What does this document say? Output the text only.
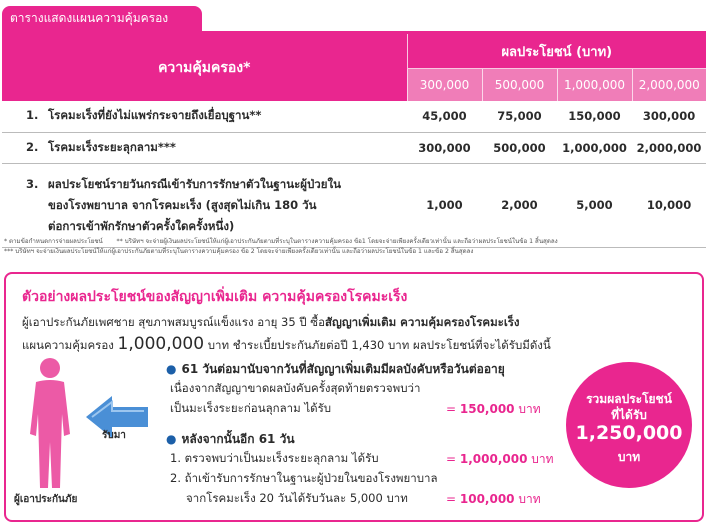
ตารางแสดงแผนความคุ้มครอง
ความคุ้มครอง*	ผลประโยชน์ (บาท)			
	300,000	500,000	1,000,000	2,000,000
1. โรคมะเร็งที่ยังไม่แพร่กระจายถึงเยื่อบุฐาน**	45,000	75,000	150,000	300,000
2. โรคมะเร็งระยะลุกลาม***	300,000	500,000	1,000,000	2,000,000

3. ผลประโยชน์รายวันกรณีเข้ารับการรักษาตัวในฐานะผู้ป่วยใน
ของโรงพยาบาล จากโรคมะเร็ง (สูงสุดไม่เกิน 180 วัน
ต่อการเข้าพักรักษาตัวครั้งใดครั้งหนึ่ง)	1,000	2,000	5,000	10,000
* ตามข้อกำหนดการจ่ายผลประโยชน์ ** บริษัทฯ จะจ่ายผู้เงินผลประโยชน์ให้แก่ผู้เอาประกันภัยตามที่ระบุในตารางความคุ้มครอง ข้อ1 โดยจะจ่ายเพียงครั้งเดียวเท่านั้น และถือว่าผลประโยชน์ในข้อ 1 สิ้นสุดลง
*** บริษัทฯ จะจ่ายเงินผลประโยชน์ให้แก่ผู้เอาประกันภัยตามที่ระบุในตารางความคุ้มครอง ข้อ 2 โดยจะจ่ายเพียงครั้งเดียวเท่านั้น และถือว่าผลประโยชน์ในข้อ 1 และข้อ 2 สิ้นสุดลง
ตัวอย่างผลประโยชน์ของสัญญาเพิ่มเติม ความคุ้มครองโรคมะเร็ง
ผู้เอาประกันภัยเพศชาย สุขภาพสมบูรณ์แข็งแรง อายุ 35 ปี ซื้อสัญญาเพิ่มเติม ความคุ้มครองโรคมะเร็ง
แผนความคุ้มครอง 1,000,000 บาท ชำระเบี้ยประกันภัยต่อปี 1,430 บาท ผลประโยชน์ที่จะได้รับมีดังนี้
รับมา
ผู้เอาประกันภัย
● 61 วันต่อมานับจากวันที่สัญญาเพิ่มเติมมีผลบังคับหรือวันต่ออายุ
เนื่องจากสัญญาขาดผลบังคับครั้งสุดท้ายตรวจพบว่า
เป็นมะเร็งระยะก่อนลุกลาม ได้รับ	= 150,000 บาท
● หลังจากนั้นอีก 61 วัน
1. ตรวจพบว่าเป็นมะเร็งระยะลุกลาม ได้รับ	= 1,000,000 บาท
2. ถ้าเข้ารับการรักษาในฐานะผู้ป่วยในของโรงพยาบาล
จากโรคมะเร็ง 20 วันได้รับวันละ 5,000 บาท	= 100,000 บาท
รวมผลประโยชน์
ที่ได้รับ
1,250,000
บาท
